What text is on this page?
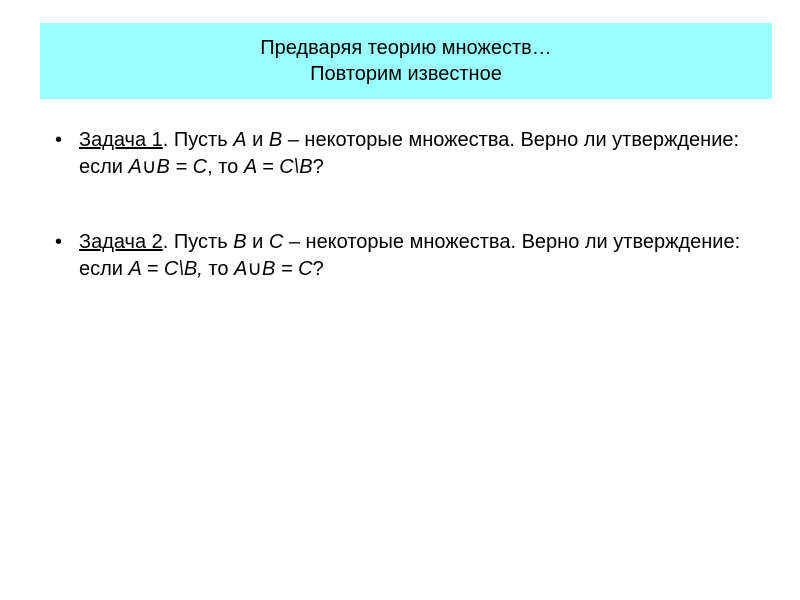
Предваряя теорию множеств…
Повторим известное
• Задача 1. Пусть A и B – некоторые множества. Верно ли утверждение: если A∪B = C, то A = C\B?
• Задача 2. Пусть B и C – некоторые множества. Верно ли утверждение: если A = C\B, то A∪B = C?
